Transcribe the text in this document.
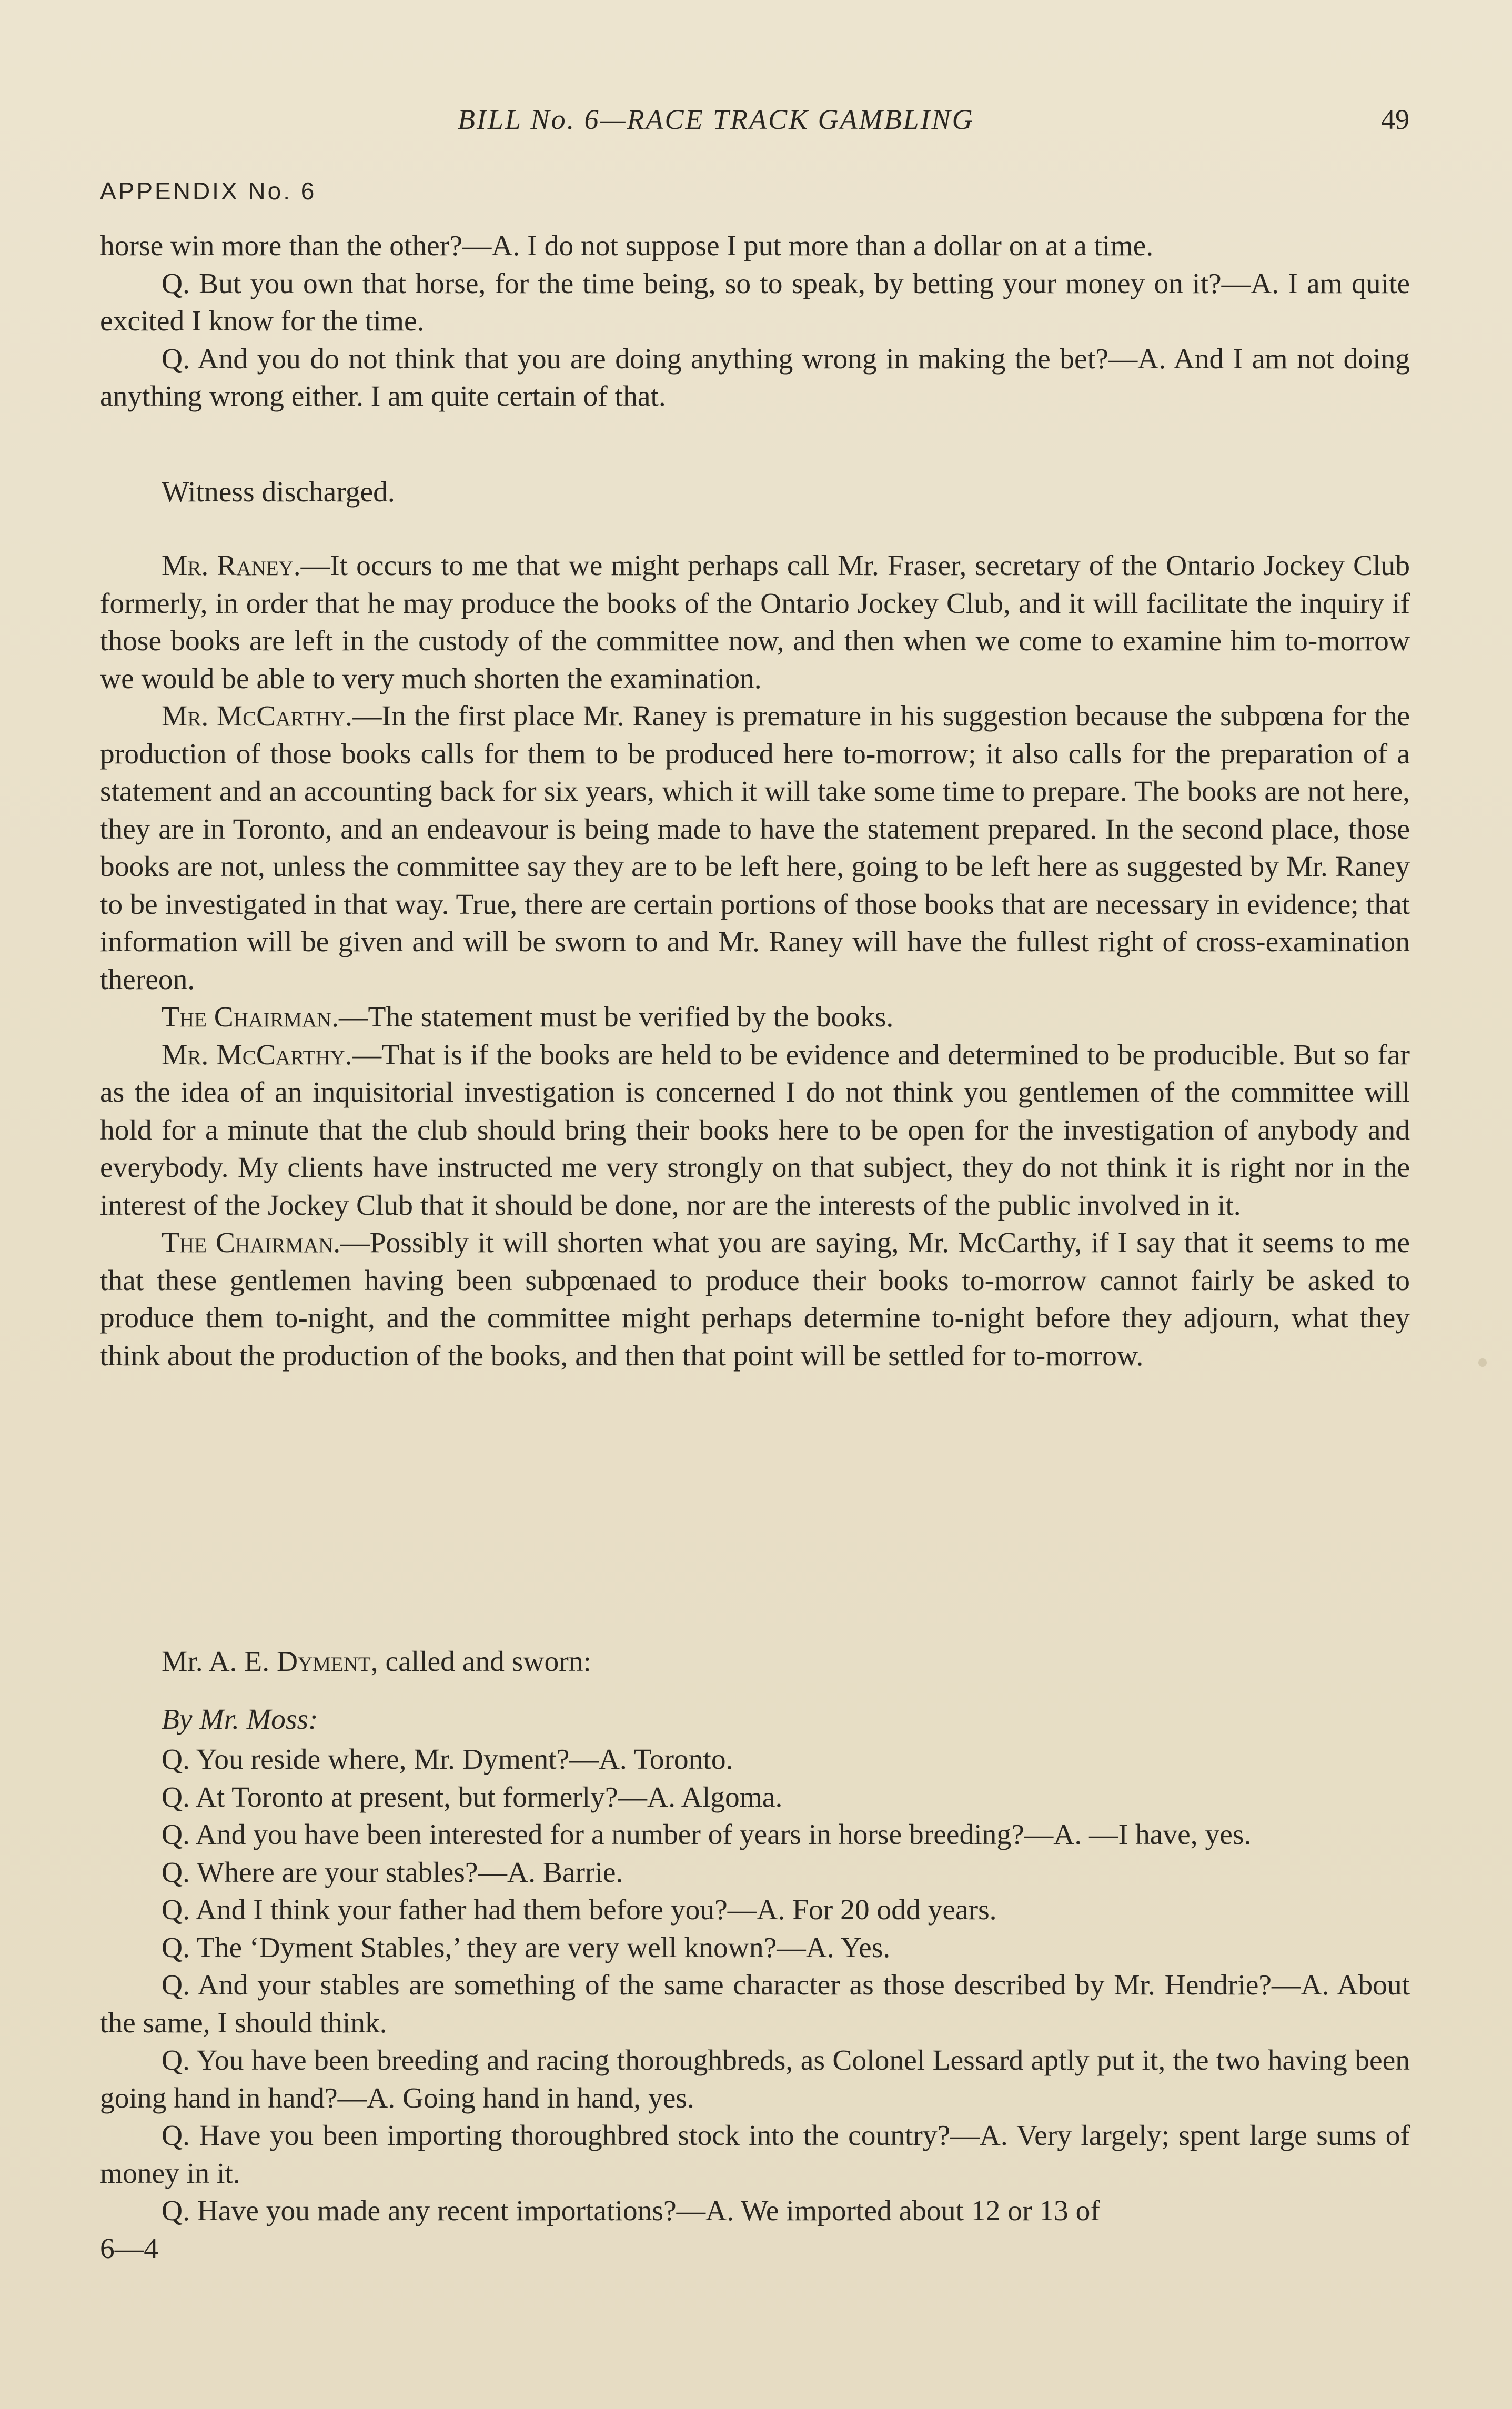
BILL No. 6—RACE TRACK GAMBLING	49
APPENDIX No. 6

horse win more than the other?—A. I do not suppose I put more than a dollar on at a time.

Q. But you own that horse, for the time being, so to speak, by betting your money on it?—A. I am quite excited I know for the time.

Q. And you do not think that you are doing anything wrong in making the bet?—A. And I am not doing anything wrong either. I am quite certain of that.

Witness discharged.

Mr. Raney.—It occurs to me that we might perhaps call Mr. Fraser, secretary of the Ontario Jockey Club formerly, in order that he may produce the books of the Ontario Jockey Club, and it will facilitate the inquiry if those books are left in the custody of the committee now, and then when we come to examine him to-morrow we would be able to very much shorten the examination.

Mr. McCarthy.—In the first place Mr. Raney is premature in his suggestion because the subpœna for the production of those books calls for them to be produced here to-morrow; it also calls for the preparation of a statement and an accounting back for six years, which it will take some time to prepare. The books are not here, they are in Toronto, and an endeavour is being made to have the statement prepared. In the second place, those books are not, unless the committee say they are to be left here, going to be left here as suggested by Mr. Raney to be investigated in that way. True, there are certain portions of those books that are necessary in evidence; that information will be given and will be sworn to and Mr. Raney will have the fullest right of cross-examination thereon.

The Chairman.—The statement must be verified by the books.

Mr. McCarthy.—That is if the books are held to be evidence and determined to be producible. But so far as the idea of an inquisitorial investigation is concerned I do not think you gentlemen of the committee will hold for a minute that the club should bring their books here to be open for the investigation of anybody and everybody. My clients have instructed me very strongly on that subject, they do not think it is right nor in the interest of the Jockey Club that it should be done, nor are the interests of the public involved in it.

The Chairman.—Possibly it will shorten what you are saying, Mr. McCarthy, if I say that it seems to me that these gentlemen having been subpœnaed to produce their books to-morrow cannot fairly be asked to produce them to-night, and the committee might perhaps determine to-night before they adjourn, what they think about the production of the books, and then that point will be settled for to-morrow.

Mr. A. E. Dyment, called and sworn:

By Mr. Moss:

Q. You reside where, Mr. Dyment?—A. Toronto.

Q. At Toronto at present, but formerly?—A. Algoma.

Q. And you have been interested for a number of years in horse breeding?—A. —I have, yes.

Q. Where are your stables?—A. Barrie.

Q. And I think your father had them before you?—A. For 20 odd years.

Q. The ‘Dyment Stables,’ they are very well known?—A. Yes.

Q. And your stables are something of the same character as those described by Mr. Hendrie?—A. About the same, I should think.

Q. You have been breeding and racing thoroughbreds, as Colonel Lessard aptly put it, the two having been going hand in hand?—A. Going hand in hand, yes.

Q. Have you been importing thoroughbred stock into the country?—A. Very largely; spent large sums of money in it.

Q. Have you made any recent importations?—A. We imported about 12 or 13 of

6—4
